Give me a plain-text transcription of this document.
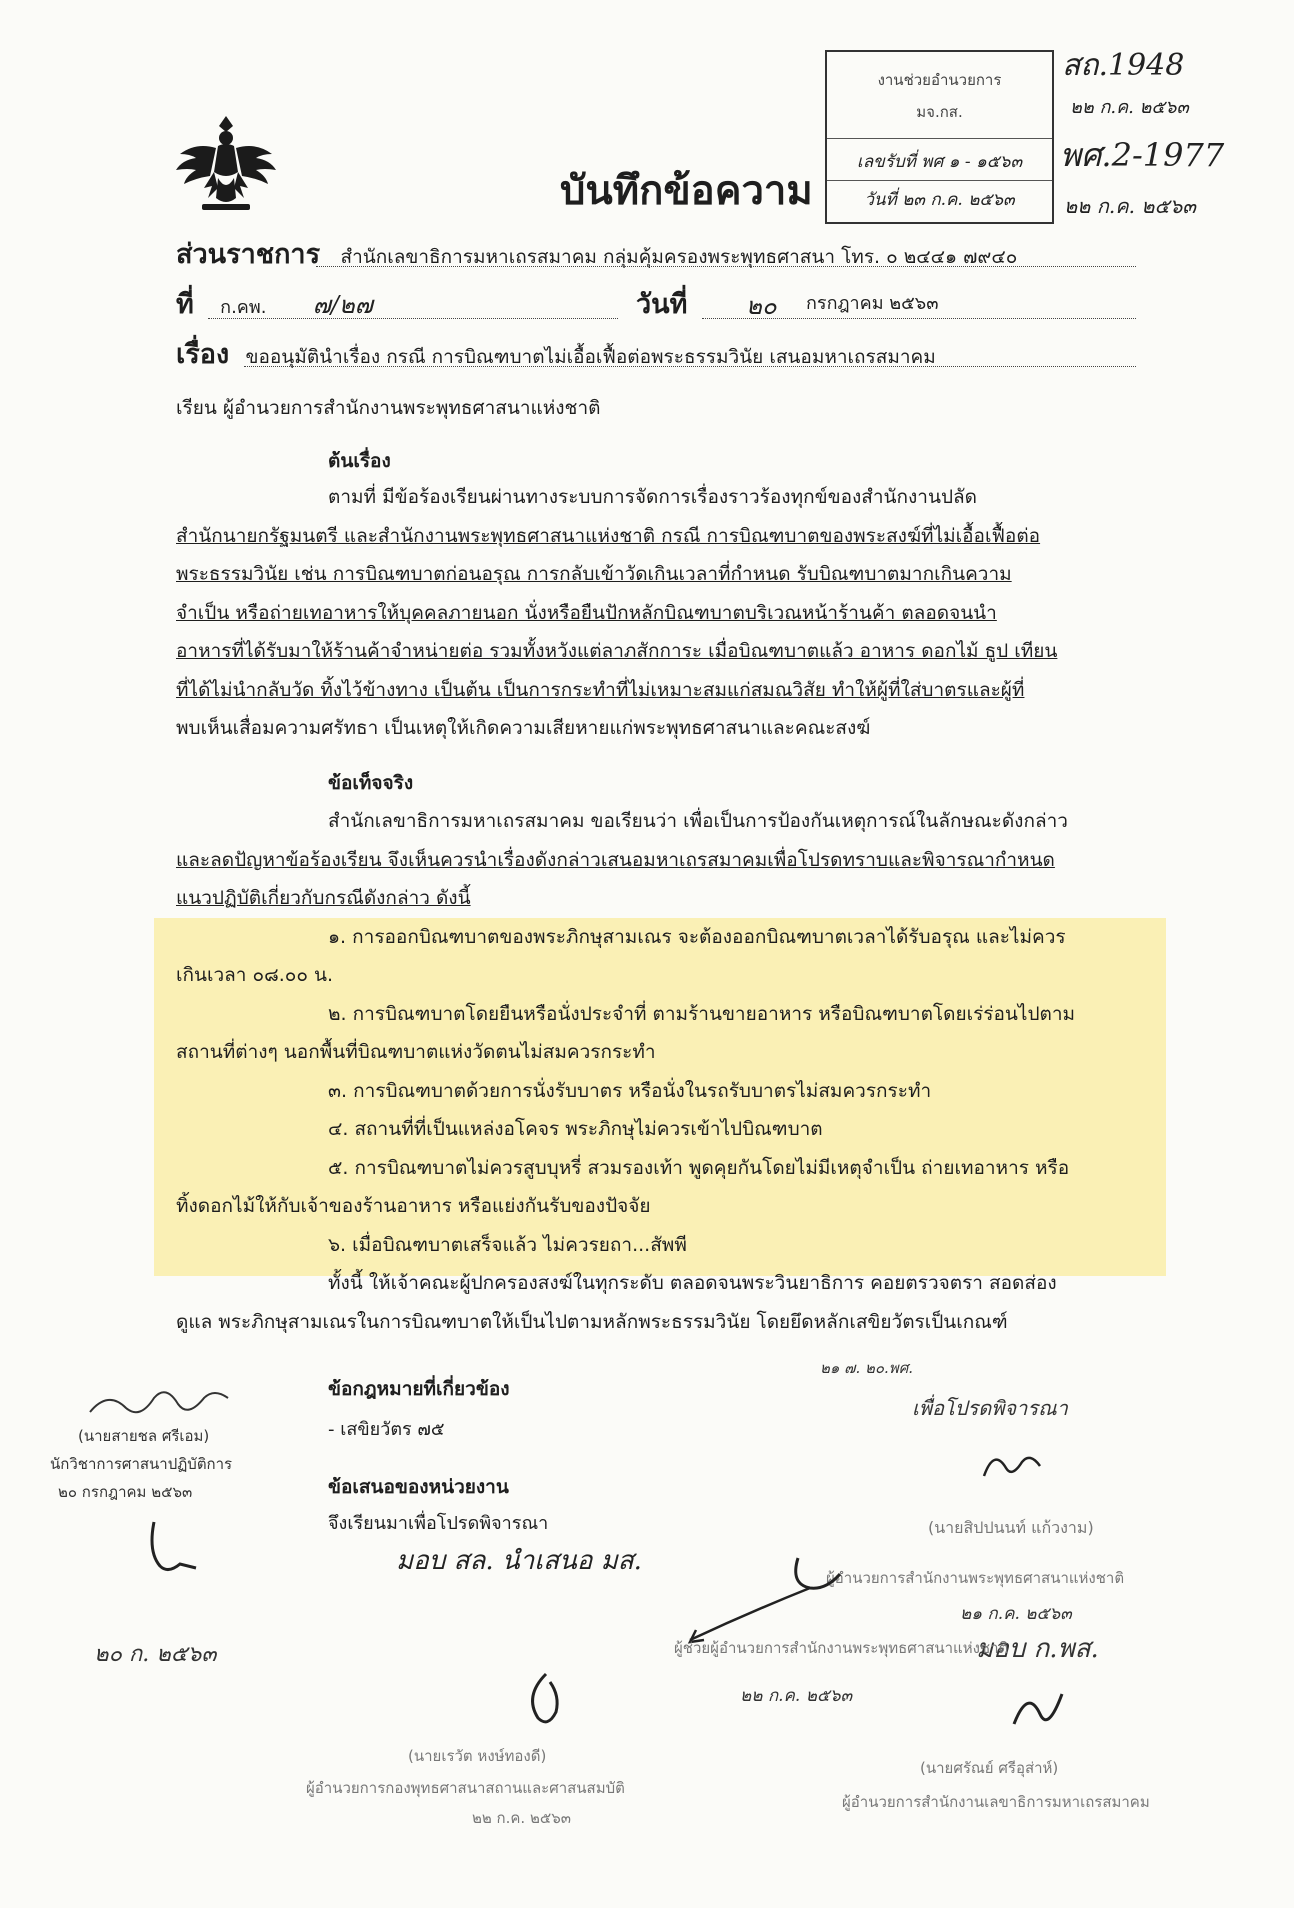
งานช่วยอำนวยการ
มจ.กส.
เลขรับที่ พศ ๑ - ๑๕๖๓
วันที่ ๒๓ ก.ค. ๒๕๖๓
สถ.1948
๒๒ ก.ค. ๒๕๖๓
พศ.2-1977
๒๒ ก.ค. ๒๕๖๓
บันทึกข้อความ
ส่วนราชการ สำนักเลขาธิการมหาเถรสมาคม กลุ่มคุ้มครองพระพุทธศาสนา โทร. ๐ ๒๔๔๑ ๗๙๔๐
ที่ ก.คพ. ๗/๒๗	วันที่ ๒๐ กรกฎาคม ๒๕๖๓
เรื่อง ขออนุมัตินำเรื่อง กรณี การบิณฑบาตไม่เอื้อเฟื้อต่อพระธรรมวินัย เสนอมหาเถรสมาคม
เรียน ผู้อำนวยการสำนักงานพระพุทธศาสนาแห่งชาติ
ต้นเรื่อง

ตามที่ มีข้อร้องเรียนผ่านทางระบบการจัดการเรื่องราวร้องทุกข์ของสำนักงานปลัด

สำนักนายกรัฐมนตรี และสำนักงานพระพุทธศาสนาแห่งชาติ กรณี การบิณฑบาตของพระสงฆ์ที่ไม่เอื้อเฟื้อต่อ

พระธรรมวินัย เช่น การบิณฑบาตก่อนอรุณ การกลับเข้าวัดเกินเวลาที่กำหนด รับบิณฑบาตมากเกินความ

จำเป็น หรือถ่ายเทอาหารให้บุคคลภายนอก นั่งหรือยืนปักหลักบิณฑบาตบริเวณหน้าร้านค้า ตลอดจนนำ

อาหารที่ได้รับมาให้ร้านค้าจำหน่ายต่อ รวมทั้งหวังแต่ลาภสักการะ เมื่อบิณฑบาตแล้ว อาหาร ดอกไม้ ธูป เทียน

ที่ได้ไม่นำกลับวัด ทิ้งไว้ข้างทาง เป็นต้น เป็นการกระทำที่ไม่เหมาะสมแก่สมณวิสัย ทำให้ผู้ที่ใส่บาตรและผู้ที่

พบเห็นเสื่อมความศรัทธา เป็นเหตุให้เกิดความเสียหายแก่พระพุทธศาสนาและคณะสงฆ์

ข้อเท็จจริง

สำนักเลขาธิการมหาเถรสมาคม ขอเรียนว่า เพื่อเป็นการป้องกันเหตุการณ์ในลักษณะดังกล่าว

และลดปัญหาข้อร้องเรียน จึงเห็นควรนำเรื่องดังกล่าวเสนอมหาเถรสมาคมเพื่อโปรดทราบและพิจารณากำหนด

แนวปฏิบัติเกี่ยวกับกรณีดังกล่าว ดังนี้

๑. การออกบิณฑบาตของพระภิกษุสามเณร จะต้องออกบิณฑบาตเวลาได้รับอรุณ และไม่ควร

เกินเวลา ๐๘.๐๐ น.

๒. การบิณฑบาตโดยยืนหรือนั่งประจำที่ ตามร้านขายอาหาร หรือบิณฑบาตโดยเร่ร่อนไปตาม

สถานที่ต่างๆ นอกพื้นที่บิณฑบาตแห่งวัดตนไม่สมควรกระทำ

๓. การบิณฑบาตด้วยการนั่งรับบาตร หรือนั่งในรถรับบาตรไม่สมควรกระทำ

๔. สถานที่ที่เป็นแหล่งอโคจร พระภิกษุไม่ควรเข้าไปบิณฑบาต

๕. การบิณฑบาตไม่ควรสูบบุหรี่ สวมรองเท้า พูดคุยกันโดยไม่มีเหตุจำเป็น ถ่ายเทอาหาร หรือ

ทิ้งดอกไม้ให้กับเจ้าของร้านอาหาร หรือแย่งกันรับของปัจจัย

๖. เมื่อบิณฑบาตเสร็จแล้ว ไม่ควรยถา...สัพพี

ทั้งนี้ ให้เจ้าคณะผู้ปกครองสงฆ์ในทุกระดับ ตลอดจนพระวินยาธิการ คอยตรวจตรา สอดส่อง

ดูแล พระภิกษุสามเณรในการบิณฑบาตให้เป็นไปตามหลักพระธรรมวินัย โดยยึดหลักเสขิยวัตรเป็นเกณฑ์

ข้อกฎหมายที่เกี่ยวข้อง
- เสขิยวัตร ๗๕
ข้อเสนอของหน่วยงาน
จึงเรียนมาเพื่อโปรดพิจารณา
มอบ สล. นำเสนอ มส.
(นายสายชล ศรีเอม)
นักวิชาการศาสนาปฏิบัติการ
๒๐ กรกฎาคม ๒๕๖๓
๒๐ ก. ๒๕๖๓
๒๑ ๗. ๒๐.พศ.
เพื่อโปรดพิจารณา
(นายสิปปนนท์ แก้วงาม)
ผู้อำนวยการสำนักงานพระพุทธศาสนาแห่งชาติ
๒๑ ก.ค. ๒๕๖๓
มอบ ก.พส.
ผู้ช่วยผู้อำนวยการสำนักงานพระพุทธศาสนาแห่งชาติ
๒๒ ก.ค. ๒๕๖๓
(นายเรวัต หงษ์ทองดี)
ผู้อำนวยการกองพุทธศาสนาสถานและศาสนสมบัติ
๒๒ ก.ค. ๒๕๖๓
(นายศรัณย์ ศรีอุส่าห์)
ผู้อำนวยการสำนักงานเลขาธิการมหาเถรสมาคม
